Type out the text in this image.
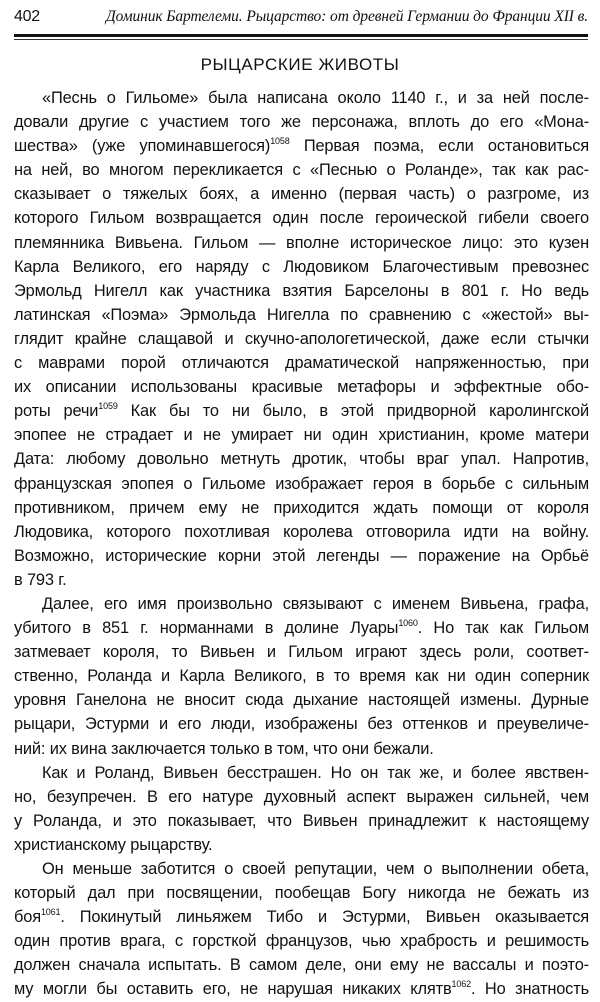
402	Доминик Бартелеми. Рыцарство: от древней Германии до Франции XII в.
РЫЦАРСКИЕ ЖИВОТЫ
«Песнь о Гильоме» была написана около 1140 г., и за ней после-
довали другие с участием того же персонажа, вплоть до его «Мона-
шества» (уже упоминавшегося)$^{1058}$ Первая поэма, если остановиться
на ней, во многом перекликается с «Песнью о Роланде», так как рас-
сказывает о тяжелых боях, а именно (первая часть) о разгроме, из
которого Гильом возвращается один после героической гибели своего
племянника Вивьена. Гильом — вполне историческое лицо: это кузен
Карла Великого, его наряду с Людовиком Благочестивым превознес
Эрмольд Нигелл как участника взятия Барселоны в 801 г. Но ведь
латинская «Поэма» Эрмольда Нигелла по сравнению с «жестой» вы-
глядит крайне слащавой и скучно-апологетической, даже если стычки
с маврами порой отличаются драматической напряженностью, при
их описании использованы красивые метафоры и эффектные обо-
роты речи$^{1059}$ Как бы то ни было, в этой придворной каролингской
эпопее не страдает и не умирает ни один христианин, кроме матери
Дата: любому довольно метнуть дротик, чтобы враг упал. Напротив,
французская эпопея о Гильоме изображает героя в борьбе с сильным
противником, причем ему не приходится ждать помощи от короля
Людовика, которого похотливая королева отговорила идти на войну.
Возможно, исторические корни этой легенды — поражение на Орбьё
в 793 г.
Далее, его имя произвольно связывают с именем Вивьена, графа,
убитого в 851 г. норманнами в долине Луары$^{1060}$. Но так как Гильом
затмевает короля, то Вивьен и Гильом играют здесь роли, соответ-
ственно, Роланда и Карла Великого, в то время как ни один соперник
уровня Ганелона не вносит сюда дыхание настоящей измены. Дурные
рыцари, Эстурми и его люди, изображены без оттенков и преувеличе-
ний: их вина заключается только в том, что они бежали.
Как и Роланд, Вивьен бесстрашен. Но он так же, и более явствен-
но, безупречен. В его натуре духовный аспект выражен сильней, чем
у Роланда, и это показывает, что Вивьен принадлежит к настоящему
христианскому рыцарству.
Он меньше заботится о своей репутации, чем о выполнении обета,
который дал при посвящении, пообещав Богу никогда не бежать из
боя$^{1061}$. Покинутый линьяжем Тибо и Эстурми, Вивьен оказывается
один против врага, с горсткой французов, чью храбрость и решимость
должен сначала испытать. В самом деле, они ему не вассалы и поэто-
му могли бы оставить его, не нарушая никаких клятв$^{1062}$. Но знатность
